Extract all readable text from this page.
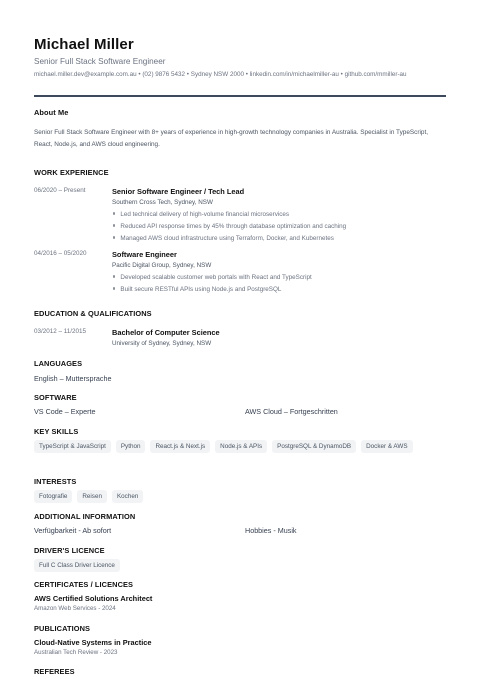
Michael Miller
Senior Full Stack Software Engineer
michael.miller.dev@example.com.au • (02) 9876 5432 • Sydney NSW 2000 • linkedin.com/in/michaelmiller-au • github.com/mmiller-au
About Me
Senior Full Stack Software Engineer with 8+ years of experience in high-growth technology companies in Australia. Specialist in TypeScript, React, Node.js, and AWS cloud engineering.
WORK EXPERIENCE
06/2020 – Present	Senior Software Engineer / Tech Lead
Southern Cross Tech, Sydney, NSW
Led technical delivery of high-volume financial microservices
Reduced API response times by 45% through database optimization and caching
Managed AWS cloud infrastructure using Terraform, Docker, and Kubernetes
04/2016 – 05/2020	Software Engineer
Pacific Digital Group, Sydney, NSW
Developed scalable customer web portals with React and TypeScript
Built secure RESTful APIs using Node.js and PostgreSQL
EDUCATION & QUALIFICATIONS
03/2012 – 11/2015	Bachelor of Computer Science
University of Sydney, Sydney, NSW
LANGUAGES
English – Muttersprache
SOFTWARE
VS Code – Experte	AWS Cloud – Fortgeschritten
KEY SKILLS
TypeScript & JavaScript	Python	React.js & Next.js	Node.js & APIs	PostgreSQL & DynamoDB	Docker & AWS
INTERESTS
Fotografie	Reisen	Kochen
ADDITIONAL INFORMATION
Verfügbarkeit - Ab sofort	Hobbies - Musik
DRIVER'S LICENCE
Full C Class Driver Licence
CERTIFICATES / LICENCES
AWS Certified Solutions Architect
Amazon Web Services - 2024
PUBLICATIONS
Cloud-Native Systems in Practice
Australian Tech Review - 2023
REFEREES
